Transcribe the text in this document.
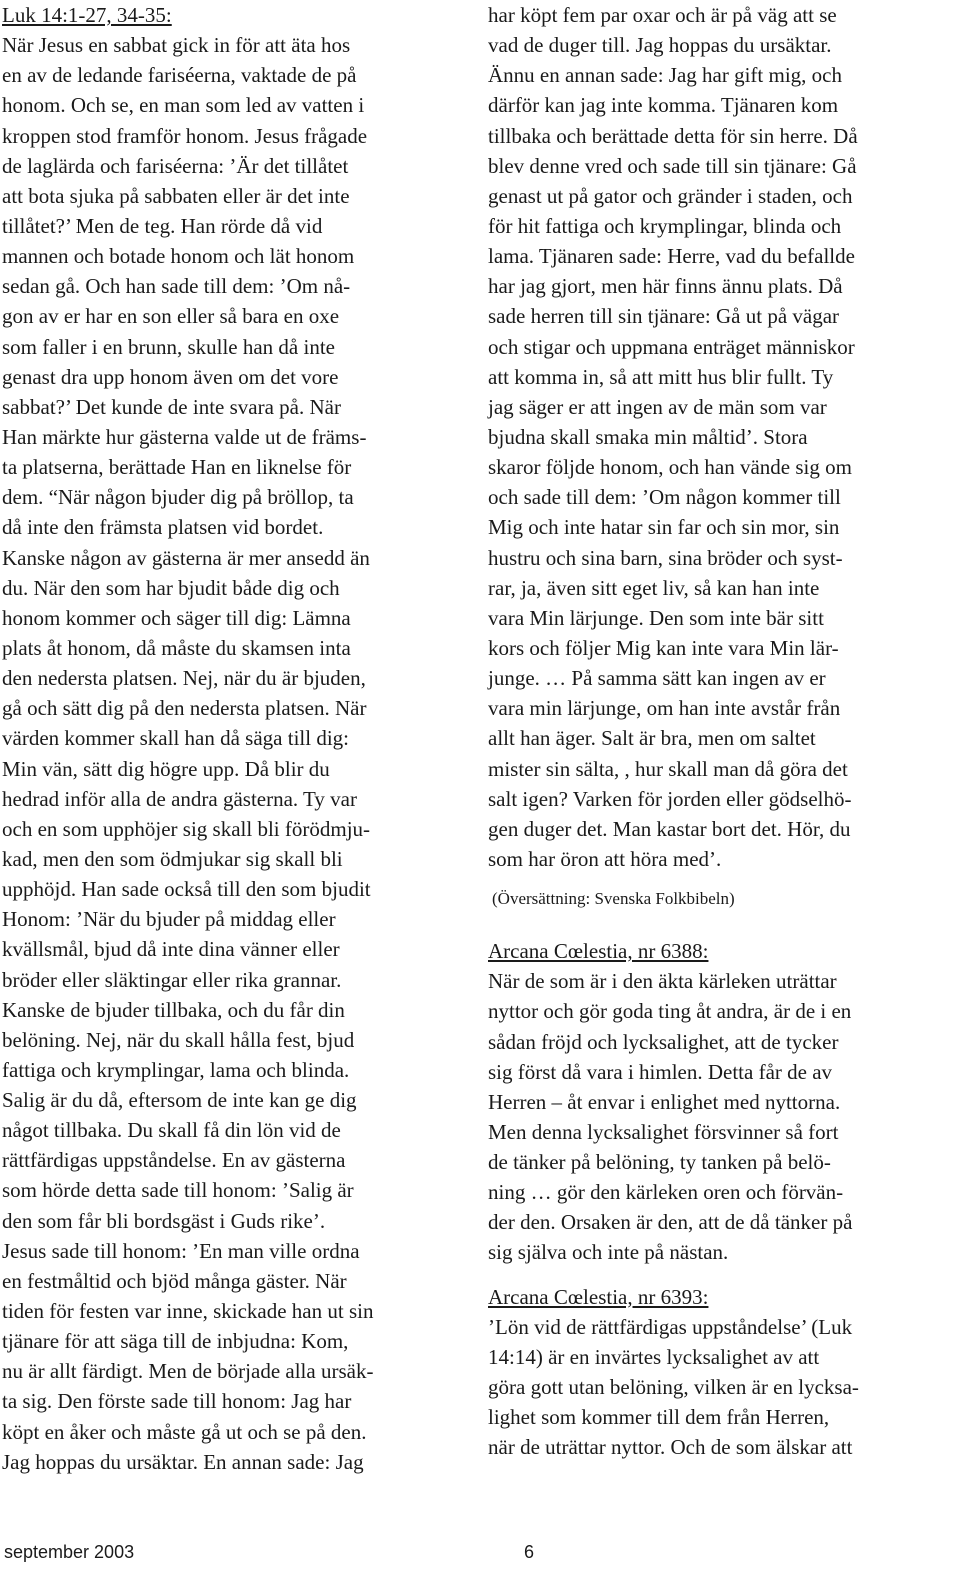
Luk 14:1-27, 34-35:
När Jesus en sabbat gick in för att äta hos
en av de ledande fariséerna, vaktade de på
honom. Och se, en man som led av vatten i
kroppen stod framför honom. Jesus frågade
de laglärda och fariséerna: ’Är det tillåtet
att bota sjuka på sabbaten eller är det inte
tillåtet?’ Men de teg. Han rörde då vid
mannen och botade honom och lät honom
sedan gå. Och han sade till dem: ’Om nå-
gon av er har en son eller så bara en oxe
som faller i en brunn, skulle han då inte
genast dra upp honom även om det vore
sabbat?’ Det kunde de inte svara på. När
Han märkte hur gästerna valde ut de främs-
ta platserna, berättade Han en liknelse för
dem. “När någon bjuder dig på bröllop, ta
då inte den främsta platsen vid bordet.
Kanske någon av gästerna är mer ansedd än
du. När den som har bjudit både dig och
honom kommer och säger till dig: Lämna
plats åt honom, då måste du skamsen inta
den nedersta platsen. Nej, när du är bjuden,
gå och sätt dig på den nedersta platsen. När
värden kommer skall han då säga till dig:
Min vän, sätt dig högre upp. Då blir du
hedrad inför alla de andra gästerna. Ty var
och en som upphöjer sig skall bli förödmju-
kad, men den som ödmjukar sig skall bli
upphöjd. Han sade också till den som bjudit
Honom: ’När du bjuder på middag eller
kvällsmål, bjud då inte dina vänner eller
bröder eller släktingar eller rika grannar.
Kanske de bjuder tillbaka, och du får din
belöning. Nej, när du skall hålla fest, bjud
fattiga och krymplingar, lama och blinda.
Salig är du då, eftersom de inte kan ge dig
något tillbaka. Du skall få din lön vid de
rättfärdigas uppståndelse. En av gästerna
som hörde detta sade till honom: ’Salig är
den som får bli bordsgäst i Guds rike’.
Jesus sade till honom: ’En man ville ordna
en festmåltid och bjöd många gäster. När
tiden för festen var inne, skickade han ut sin
tjänare för att säga till de inbjudna: Kom,
nu är allt färdigt. Men de började alla ursäk-
ta sig. Den förste sade till honom: Jag har
köpt en åker och måste gå ut och se på den.
Jag hoppas du ursäktar. En annan sade: Jag
har köpt fem par oxar och är på väg att se
vad de duger till. Jag hoppas du ursäktar.
Ännu en annan sade: Jag har gift mig, och
därför kan jag inte komma. Tjänaren kom
tillbaka och berättade detta för sin herre. Då
blev denne vred och sade till sin tjänare: Gå
genast ut på gator och gränder i staden, och
för hit fattiga och krymplingar, blinda och
lama. Tjänaren sade: Herre, vad du befallde
har jag gjort, men här finns ännu plats. Då
sade herren till sin tjänare: Gå ut på vägar
och stigar och uppmana enträget människor
att komma in, så att mitt hus blir fullt. Ty
jag säger er att ingen av de män som var
bjudna skall smaka min måltid’. Stora
skaror följde honom, och han vände sig om
och sade till dem: ’Om någon kommer till
Mig och inte hatar sin far och sin mor, sin
hustru och sina barn, sina bröder och syst-
rar, ja, även sitt eget liv, så kan han inte
vara Min lärjunge. Den som inte bär sitt
kors och följer Mig kan inte vara Min lär-
junge. … På samma sätt kan ingen av er
vara min lärjunge, om han inte avstår från
allt han äger. Salt är bra, men om saltet
mister sin sälta, , hur skall man då göra det
salt igen? Varken för jorden eller gödselhö-
gen duger det. Man kastar bort det. Hör, du
som har öron att höra med’.
(Översättning: Svenska Folkbibeln)
Arcana Cœlestia, nr 6388:
När de som är i den äkta kärleken uträttar
nyttor och gör goda ting åt andra, är de i en
sådan fröjd och lycksalighet, att de tycker
sig först då vara i himlen. Detta får de av
Herren – åt envar i enlighet med nyttorna.
Men denna lycksalighet försvinner så fort
de tänker på belöning, ty tanken på belö-
ning … gör den kärleken oren och förvän-
der den. Orsaken är den, att de då tänker på
sig själva och inte på nästan.
Arcana Cœlestia, nr 6393:
’Lön vid de rättfärdigas uppståndelse’ (Luk
14:14) är en invärtes lycksalighet av att
göra gott utan belöning, vilken är en lycksa-
lighet som kommer till dem från Herren,
när de uträttar nyttor. Och de som älskar att
september 2003	6
